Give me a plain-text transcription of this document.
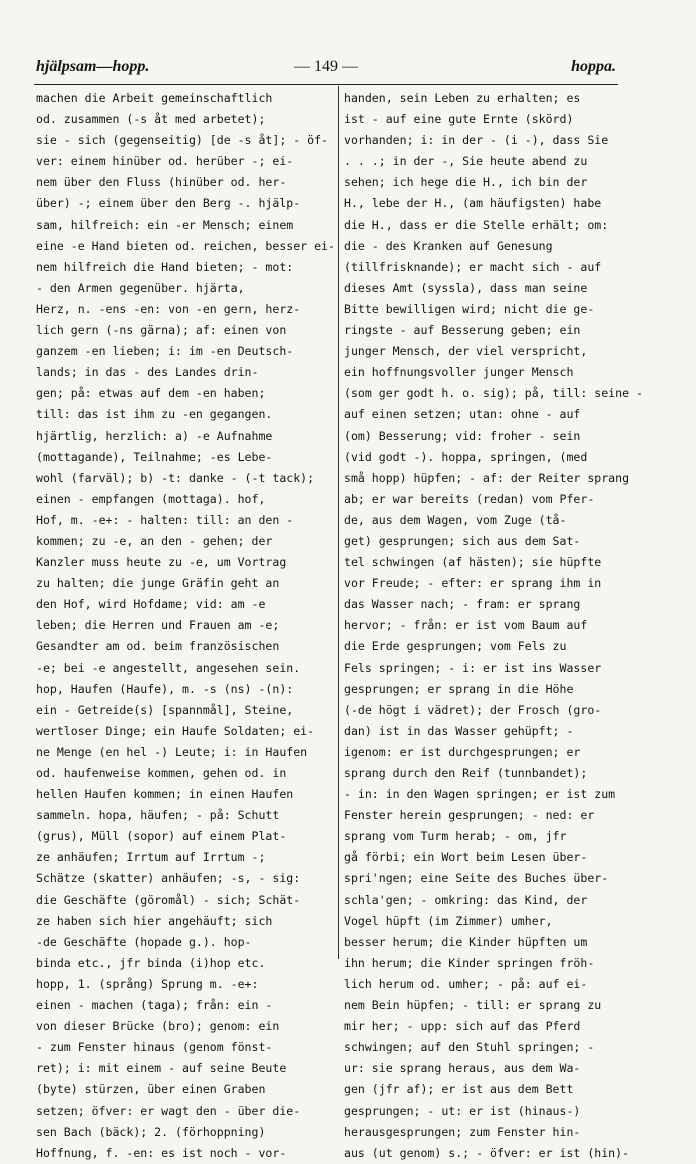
hjälpsam—hopp.	— 149 —	hoppa.
machen die Arbeit gemeinschaftlich
od. zusammen (-s åt med arbetet);
sie - sich (gegenseitig) [de -s åt]; - öf-
ver: einem hinüber od. herüber -; ei-
nem über den Fluss (hinüber od. her-
über) -; einem über den Berg -. hjälp-
sam, hilfreich: ein -er Mensch; einem
eine -e Hand bieten od. reichen, besser ei-
nem hilfreich die Hand bieten; - mot:
- den Armen gegenüber. hjärta,
Herz, n. -ens -en: von -en gern, herz-
lich gern (-ns gärna); af: einen von
ganzem -en lieben; i: im -en Deutsch-
lands; in das - des Landes drin-
gen; på: etwas auf dem -en haben;
till: das ist ihm zu -en gegangen.
hjärtlig, herzlich: a) -e Aufnahme
(mottagande), Teilnahme; -es Lebe-
wohl (farväl); b) -t: danke - (-t tack);
einen - empfangen (mottaga). hof,
Hof, m. -e+: - halten: till: an den -
kommen; zu -e, an den - gehen; der
Kanzler muss heute zu -e, um Vortrag
zu halten; die junge Gräfin geht an
den Hof, wird Hofdame; vid: am -e
leben; die Herren und Frauen am -e;
Gesandter am od. beim französischen
-e; bei -e angestellt, angesehen sein.
hop, Haufen (Haufe), m. -s (ns) -(n):
ein - Getreide(s) [spannmål], Steine,
wertloser Dinge; ein Haufe Soldaten; ei-
ne Menge (en hel -) Leute; i: in Haufen
od. haufenweise kommen, gehen od. in
hellen Haufen kommen; in einen Haufen
sammeln. hopa, häufen; - på: Schutt
(grus), Müll (sopor) auf einem Plat-
ze anhäufen; Irrtum auf Irrtum -;
Schätze (skatter) anhäufen; -s, - sig:
die Geschäfte (göromål) - sich; Schät-
ze haben sich hier angehäuft; sich
-de Geschäfte (hopade g.). hop-
binda etc., jfr binda (i)hop etc.
hopp, 1. (språng) Sprung m. -e+:
einen - machen (taga); från: ein -
von dieser Brücke (bro); genom: ein
- zum Fenster hinaus (genom fönst-
ret); i: mit einem - auf seine Beute
(byte) stürzen, über einen Graben
setzen; öfver: er wagt den - über die-
sen Bach (bäck); 2. (förhoppning)
Hoffnung, f. -en: es ist noch - vor-
handen, sein Leben zu erhalten; es
ist - auf eine gute Ernte (skörd)
vorhanden; i: in der - (i -), dass Sie
. . .; in der -, Sie heute abend zu
sehen; ich hege die H., ich bin der
H., lebe der H., (am häufigsten) habe
die H., dass er die Stelle erhält; om:
die - des Kranken auf Genesung
(tillfrisknande); er macht sich - auf
dieses Amt (syssla), dass man seine
Bitte bewilligen wird; nicht die ge-
ringste - auf Besserung geben; ein
junger Mensch, der viel verspricht,
ein hoffnungsvoller junger Mensch
(som ger godt h. o. sig); på, till: seine -
auf einen setzen; utan: ohne - auf
(om) Besserung; vid: froher - sein
(vid godt -). hoppa, springen, (med
små hopp) hüpfen; - af: der Reiter sprang
ab; er war bereits (redan) vom Pfer-
de, aus dem Wagen, vom Zuge (tå-
get) gesprungen; sich aus dem Sat-
tel schwingen (af hästen); sie hüpfte
vor Freude; - efter: er sprang ihm in
das Wasser nach; - fram: er sprang
hervor; - från: er ist vom Baum auf
die Erde gesprungen; vom Fels zu
Fels springen; - i: er ist ins Wasser
gesprungen; er sprang in die Höhe
(-de högt i vädret); der Frosch (gro-
dan) ist in das Wasser gehüpft; -
igenom: er ist durchgesprungen; er
sprang durch den Reif (tunnbandet);
- in: in den Wagen springen; er ist zum
Fenster herein gesprungen; - ned: er
sprang vom Turm herab; - om, jfr
gå förbi; ein Wort beim Lesen über-
spri'ngen; eine Seite des Buches über-
schla'gen; - omkring: das Kind, der
Vogel hüpft (im Zimmer) umher,
besser herum; die Kinder hüpften um
ihn herum; die Kinder springen fröh-
lich herum od. umher; - på: auf ei-
nem Bein hüpfen; - till: er sprang zu
mir her; - upp: sich auf das Pferd
schwingen; auf den Stuhl springen; -
ur: sie sprang heraus, aus dem Wa-
gen (jfr af); er ist aus dem Bett
gesprungen; - ut: er ist (hinaus-)
herausgesprungen; zum Fenster hin-
aus (ut genom) s.; - öfver: er ist (hin)-
